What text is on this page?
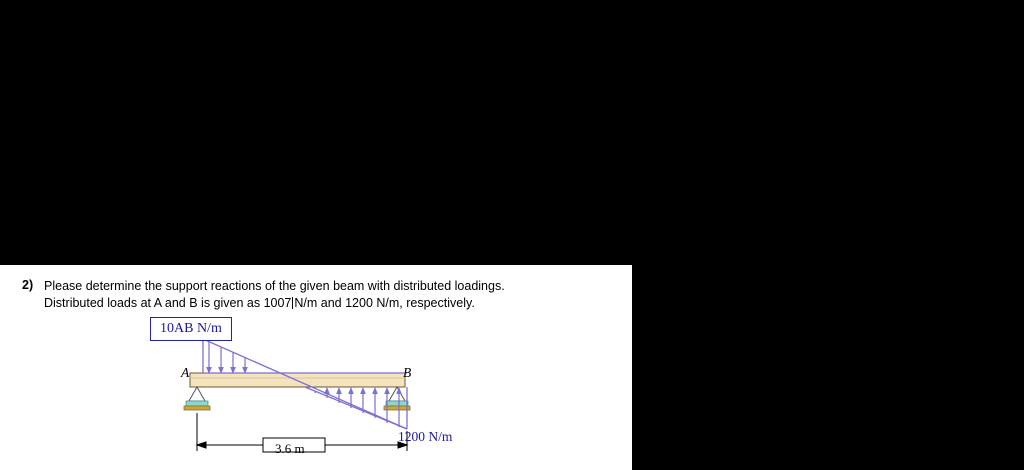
2) Please determine the support reactions of the given beam with distributed loadings.
Distributed loads at A and B is given as 1007 N/m and 1200 N/m, respectively.
10AB N/m
1200 N/m
A	B
3.6 m
